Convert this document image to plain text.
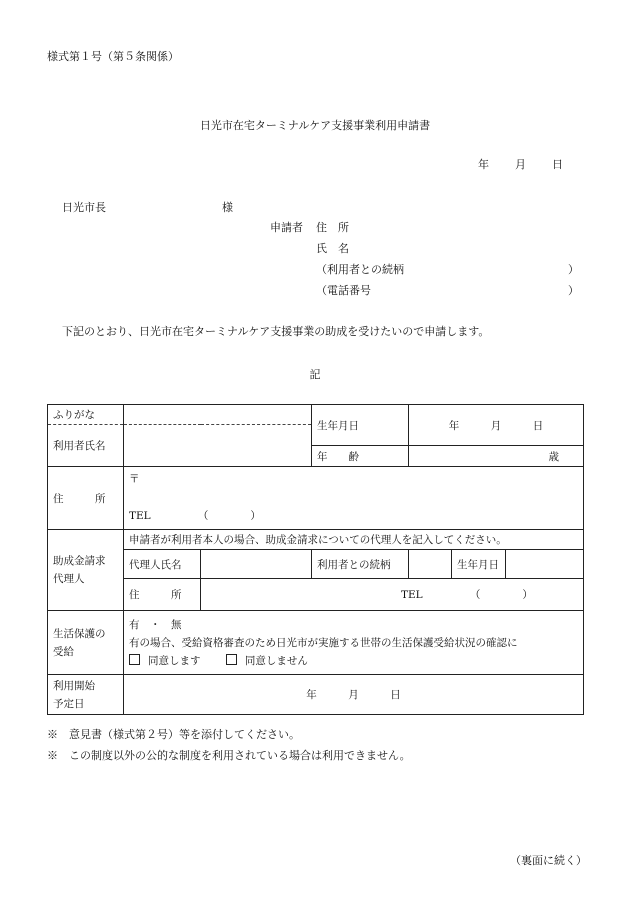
様式第１号（第５条関係）
日光市在宅ターミナルケア支援事業利用申請書
年 月 日
日光市長	様
申請者 住　所
氏　名
（利用者との続柄	）
（電話番号	）
下記のとおり、日光市在宅ターミナルケア支援事業の助成を受けたいので申請します。
記
ふりがな			生年月日	年　　　月　　　日		
利用者氏名						
			年　　齢	歳		
住　　　所	〒
TEL　　　　　（　　　　）					

助成金請求
代理人	申請者が利用者本人の場合、助成金請求についての代理人を記入してください。					
	代理人氏名		利用者との続柄		生年月日	
	住　　　所	TEL　　　　　（　　　　）				

生活保護の
受給	有　・　無
有の場合、受給資格審査のため日光市が実施する世帯の生活保護受給状況の確認に
同意します 同意しません					

利用開始
予定日	年　　　月　　　日					
※　意見書（様式第２号）等を添付してください。
※　この制度以外の公的な制度を利用されている場合は利用できません。
（裏面に続く）
